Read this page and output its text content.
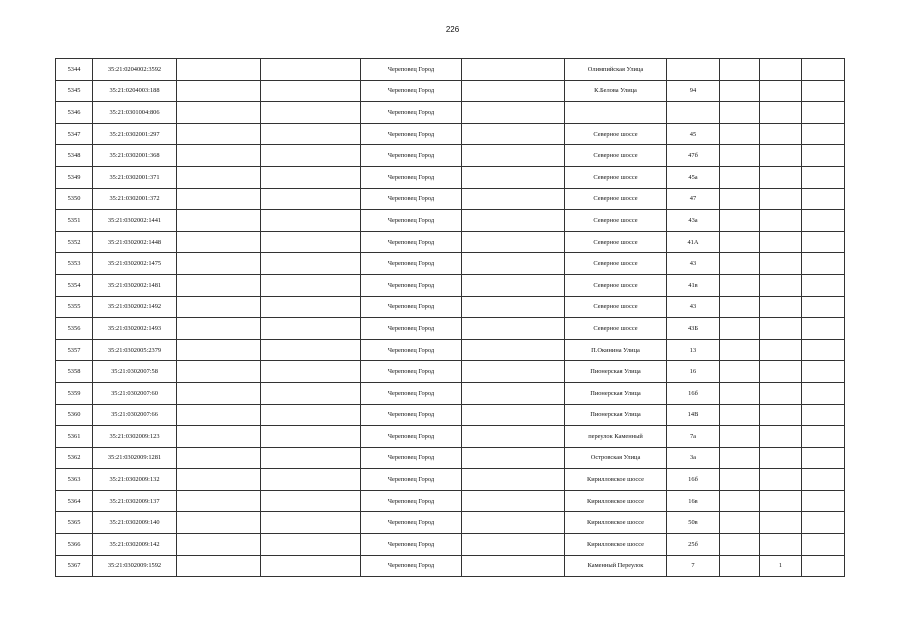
226
5344	35:21:0204002:3592			Череповец Город		Олимпийская Улица				
5345	35:21:0204003:188			Череповец Город		К.Белова Улица	94			
5346	35:21:0301004:806			Череповец Город						
5347	35:21:0302001:297			Череповец Город		Северное шоссе	45			
5348	35:21:0302001:368			Череповец Город		Северное шоссе	47б			
5349	35:21:0302001:371			Череповец Город		Северное шоссе	45а			
5350	35:21:0302001:372			Череповец Город		Северное шоссе	47			
5351	35:21:0302002:1441			Череповец Город		Северное шоссе	43а			
5352	35:21:0302002:1448			Череповец Город		Северное шоссе	41А			
5353	35:21:0302002:1475			Череповец Город		Северное шоссе	43			
5354	35:21:0302002:1481			Череповец Город		Северное шоссе	41в			
5355	35:21:0302002:1492			Череповец Город		Северное шоссе	43			
5356	35:21:0302002:1493			Череповец Город		Северное шоссе	43Б			
5357	35:21:0302005:2379			Череповец Город		П.Окинина Улица	13			
5358	35:21:0302007:58			Череповец Город		Пионерская Улица	16			
5359	35:21:0302007:60			Череповец Город		Пионерская Улица	16б			
5360	35:21:0302007:66			Череповец Город		Пионерская Улица	14В			
5361	35:21:0302009:123			Череповец Город		переулок Каменный	7а			
5362	35:21:0302009:1281			Череповец Город		Островская Улица	3а			
5363	35:21:0302009:132			Череповец Город		Кирилловское шоссе	16б			
5364	35:21:0302009:137			Череповец Город		Кирилловское шоссе	16в			
5365	35:21:0302009:140			Череповец Город		Кирилловское шоссе	50в			
5366	35:21:0302009:142			Череповец Город		Кирилловское шоссе	25б			
5367	35:21:0302009:1592			Череповец Город		Каменный Переулок	7		1	
